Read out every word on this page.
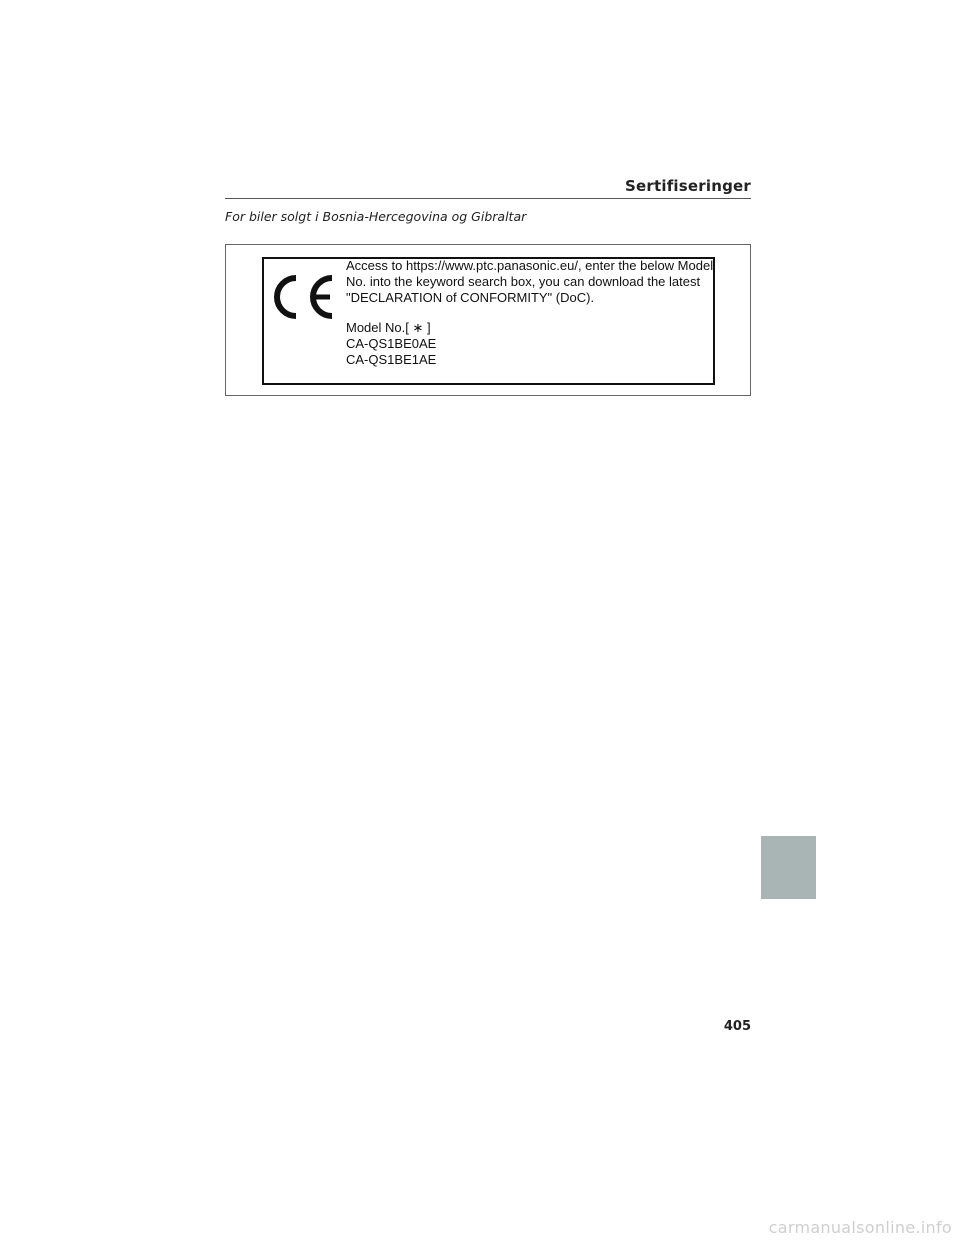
Sertifiseringer
For biler solgt i Bosnia-Hercegovina og Gibraltar
Access to https://www.ptc.panasonic.eu/, enter the below Model
No. into the keyword search box, you can download the latest
"DECLARATION of CONFORMITY" (DoC).
Model No.[ ∗ ]
CA-QS1BE0AE
CA-QS1BE1AE
405
carmanualsonline.info
